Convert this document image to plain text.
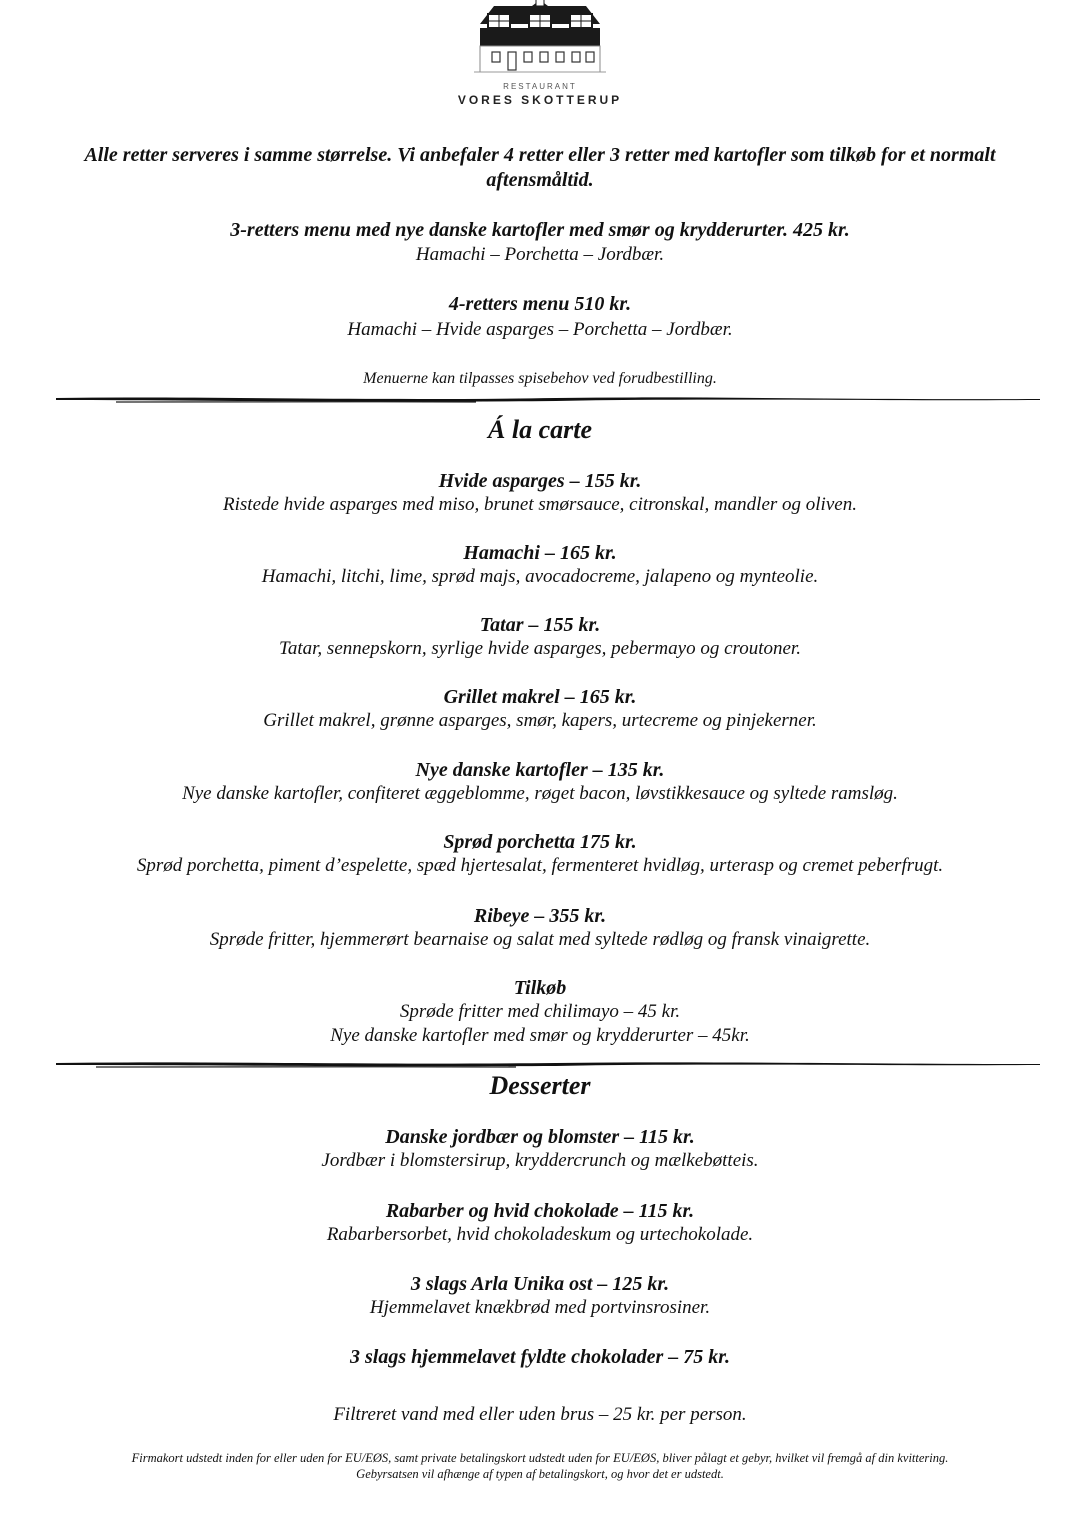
RESTAURANT
VORES SKOTTERUP
Alle retter serveres i samme størrelse. Vi anbefaler 4 retter eller 3 retter med kartofler som tilkøb for et normalt aftensmåltid.
3-retters menu med nye danske kartofler med smør og krydderurter. 425 kr.
Hamachi – Porchetta – Jordbær.
4-retters menu 510 kr.
Hamachi – Hvide asparges – Porchetta – Jordbær.
Menuerne kan tilpasses spisebehov ved forudbestilling.
Á la carte
Hvide asparges – 155 kr.
Ristede hvide asparges med miso, brunet smørsauce, citronskal, mandler og oliven.
Hamachi – 165 kr.
Hamachi, litchi, lime, sprød majs, avocadocreme, jalapeno og mynteolie.
Tatar – 155 kr.
Tatar, sennepskorn, syrlige hvide asparges, pebermayo og croutoner.
Grillet makrel – 165 kr.
Grillet makrel, grønne asparges, smør, kapers, urtecreme og pinjekerner.
Nye danske kartofler – 135 kr.
Nye danske kartofler, confiteret æggeblomme, røget bacon, løvstikkesauce og syltede ramsløg.
Sprød porchetta 175 kr.
Sprød porchetta, piment d’espelette, spæd hjertesalat, fermenteret hvidløg, urterasp og cremet peberfrugt.
Ribeye – 355 kr.
Sprøde fritter, hjemmerørt bearnaise og salat med syltede rødløg og fransk vinaigrette.
Tilkøb
Sprøde fritter med chilimayo – 45 kr.
Nye danske kartofler med smør og krydderurter – 45kr.
Desserter
Danske jordbær og blomster – 115 kr.
Jordbær i blomstersirup, kryddercrunch og mælkebøtteis.
Rabarber og hvid chokolade – 115 kr.
Rabarbersorbet, hvid chokoladeskum og urtechokolade.
3 slags Arla Unika ost – 125 kr.
Hjemmelavet knækbrød med portvinsrosiner.
3 slags hjemmelavet fyldte chokolader – 75 kr.
Filtreret vand med eller uden brus – 25 kr. per person.
Firmakort udstedt inden for eller uden for EU/EØS, samt private betalingskort udstedt uden for EU/EØS, bliver pålagt et gebyr, hvilket vil fremgå af din kvittering.
Gebyrsatsen vil afhænge af typen af betalingskort, og hvor det er udstedt.
